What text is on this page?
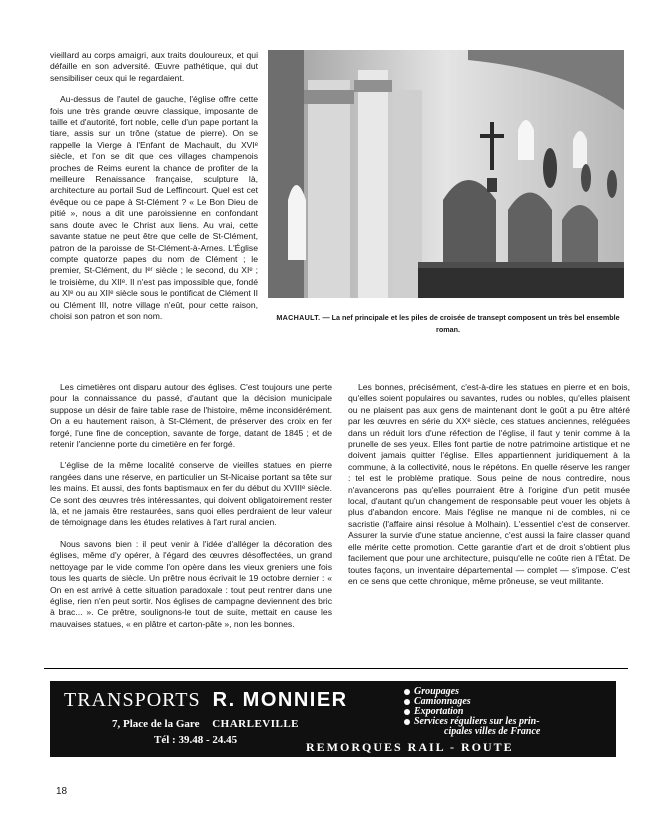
vieillard au corps amaigri, aux traits douloureux, et qui défaille en son adversité. Œuvre pathétique, qui dut sensibiliser ceux qui le regardaient.

Au-dessus de l'autel de gauche, l'église offre cette fois une très grande œuvre classique, imposante de taille et d'autorité, fort noble, celle d'un pape portant la tiare, assis sur un trône (statue de pierre). On se rappelle la Vierge à l'Enfant de Machault, du XVIᵉ siècle, et l'on se dit que ces villages champenois proches de Reims eurent la chance de profiter de la meilleure Renaissance française, sculpture là, architecture au portail Sud de Leffincourt. Quel est cet évêque ou ce pape à St-Clément ? « Le Bon Dieu de pitié », nous a dit une paroissienne en confondant sans doute avec le Christ aux liens. Au vrai, cette savante statue ne peut être que celle de St-Clément, patron de la paroisse de St-Clément-à-Arnes. L'Église compte quatorze papes du nom de Clément ; le premier, St-Clément, du Iᵉʳ siècle ; le second, du XIᵉ ; le troisième, du XIIᵉ. Il n'est pas impossible que, fondé au XIᵉ ou au XIIᵉ siècle sous le pontificat de Clément II ou Clément III, notre village n'eût, pour cette raison, choisi son patron et son nom.	MACHAULT. — La nef principale et les piles de croisée de transept composent un très bel ensemble roman.

Les cimetières ont disparu autour des églises. C'est toujours une perte pour la connaissance du passé, d'autant que la décision municipale suppose un désir de faire table rase de l'histoire, même inconsidérément. On a eu hautement raison, à St-Clément, de préserver des croix en fer forgé, l'une fine de conception, savante de forge, datant de 1845 ; et de retenir l'ancienne porte du cimetière en fer forgé.

L'église de la même localité conserve de vieilles statues en pierre rangées dans une réserve, en particulier un St-Nicaise portant sa tête sur les mains. Et aussi, des fonts baptismaux en fer du début du XVIIIᵉ siècle. Ce sont des œuvres très intéressantes, qui doivent obligatoirement rester là, et ne jamais être restaurées, sans quoi elles perdraient de leur valeur de témoignage dans les études relatives à l'art rural ancien.

Nous savons bien : il peut venir à l'idée d'alléger la décoration des églises, même d'y opérer, à l'égard des œuvres désoffectées, un grand nettoyage par le vide comme l'on opère dans les vieux greniers une fois tous les quarts de siècle. Un prêtre nous écrivait le 19 octobre dernier : « On en est arrivé à cette situation paradoxale : tout peut rentrer dans une église, rien n'en peut sortir. Nos églises de campagne deviennent des bric à brac... ». Ce prêtre, soulignons-le tout de suite, mettait en cause les mauvaises statues, « en plâtre et carton-pâte », non les bonnes.

Les bonnes, précisément, c'est-à-dire les statues en pierre et en bois, qu'elles soient populaires ou savantes, rudes ou nobles, qu'elles plaisent ou ne plaisent pas aux gens de maintenant dont le goût a pu être altéré par les œuvres en série du XXᵉ siècle, ces statues anciennes, reléguées dans un réduit lors d'une réfection de l'église, il faut y tenir comme à la prunelle de ses yeux. Elles font partie de notre patrimoine artistique et ne doivent jamais quitter l'église. Elles appartiennent juridiquement à la commune, à la collectivité, nous le répétons. En quelle réserve les ranger : tel est le problème pratique. Sous peine de nous contredire, nous n'avancerons pas qu'elles pourraient être à l'origine d'un petit musée local, d'autant qu'un changement de responsable peut vouer les objets à plus d'abandon encore. Mais l'église ne manque ni de combles, ni ce sacristie (l'affaire ainsi résolue à Molhain). L'essentiel c'est de conserver. Assurer la survie d'une statue ancienne, c'est aussi la faire classer quand elle mérite cette promotion. Cette garantie d'art et de droit s'obtient plus facilement que pour une architecture, puisqu'elle ne coûte rien à l'État. De toutes façons, un inventaire départemental — complet — s'impose. C'est en ce sens que cette chronique, même prôneuse, se veut militante.

TRANSPORTS R. MONNIER
7, Place de la Gare CHARLEVILLE
Tél : 39.48 - 24.45
Groupages
Camionnages
Exportation
Services réguliers sur les prin-
cipales villes de France
REMORQUES RAIL - ROUTE
18
